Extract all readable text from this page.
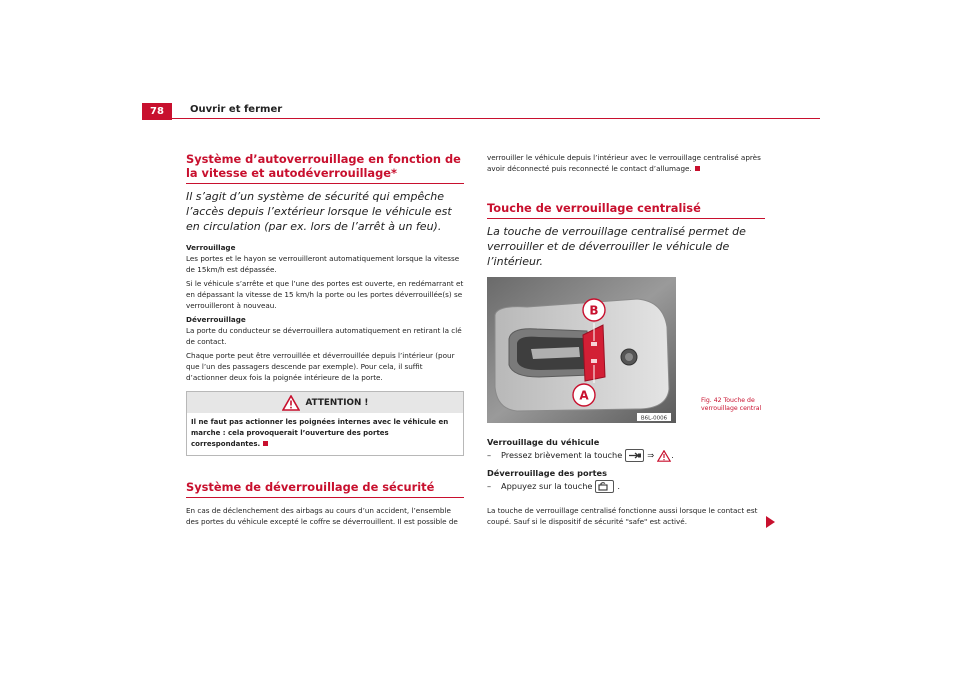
78	Ouvrir et fermer
Système d’autoverrouillage en fonction de la vitesse et autodéverrouillage*
Il s’agit d’un système de sécurité qui empêche l’accès depuis l’extérieur lorsque le véhicule est en circulation (par ex. lors de l’arrêt à un feu).
Verrouillage

Les portes et le hayon se verrouilleront automatiquement lorsque la vitesse de 15km/h est dépassée.

Si le véhicule s’arrête et que l’une des portes est ouverte, en redémarrant et en dépassant la vitesse de 15 km/h la porte ou les portes déverrouillée(s) se verrouilleront à nouveau.

Déverrouillage

La porte du conducteur se déverrouillera automatiquement en retirant la clé de contact.

Chaque porte peut être verrouillée et déverrouillée depuis l’intérieur (pour que l’un des passagers descende par exemple). Pour cela, il suffit d’actionner deux fois la poignée intérieure de la porte.

ATTENTION !
Il ne faut pas actionner les poignées internes avec le véhicule en marche : cela provoquerait l’ouverture des portes correspondantes.
Système de déverrouillage de sécurité

En cas de déclenchement des airbags au cours d’un accident, l’ensemble des portes du véhicule excepté le coffre se déverrouillent. Il est possible de

verrouiller le véhicule depuis l’intérieur avec le verrouillage centralisé après avoir déconnecté puis reconnecté le contact d’allumage.

Touche de verrouillage centralisé
La touche de verrouillage centralisé permet de verrouiller et de déverrouiller le véhicule de l’intérieur.
B
A
B6L-0006
Fig. 42 Touche de verrouillage central
Verrouillage du véhicule
–	Pressez brièvement la touche	⇒ .
Déverrouillage des portes
–	Appuyez sur la touche	.
La touche de verrouillage centralisé fonctionne aussi lorsque le contact est coupé. Sauf si le dispositif de sécurité "safe" est activé.
